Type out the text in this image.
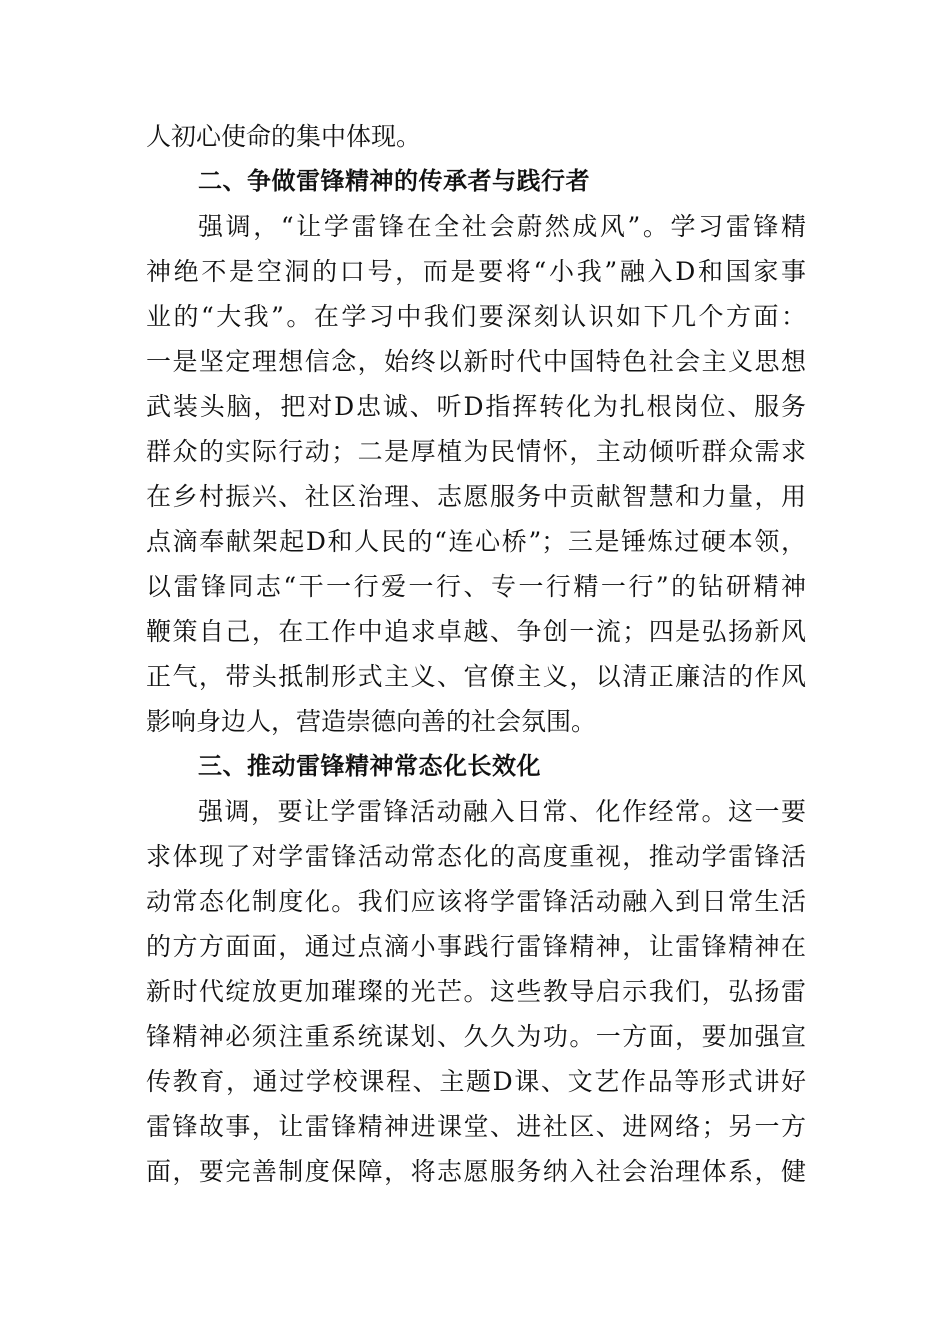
人初心使命的集中体现。
二、争做雷锋精神的传承者与践行者
强调，“让学雷锋在全社会蔚然成风”。学习雷锋精
神绝不是空洞的口号，而是要将“小我”融入D和国家事
业的“大我”。在学习中我们要深刻认识如下几个方面：
一是坚定理想信念，始终以新时代中国特色社会主义思想
武装头脑，把对D忠诚、听D指挥转化为扎根岗位、服务
群众的实际行动；二是厚植为民情怀，主动倾听群众需求
在乡村振兴、社区治理、志愿服务中贡献智慧和力量，用
点滴奉献架起D和人民的“连心桥”；三是锤炼过硬本领，
以雷锋同志“干一行爱一行、专一行精一行”的钻研精神
鞭策自己，在工作中追求卓越、争创一流；四是弘扬新风
正气，带头抵制形式主义、官僚主义，以清正廉洁的作风
影响身边人，营造崇德向善的社会氛围。
三、推动雷锋精神常态化长效化
强调，要让学雷锋活动融入日常、化作经常。这一要
求体现了对学雷锋活动常态化的高度重视，推动学雷锋活
动常态化制度化。我们应该将学雷锋活动融入到日常生活
的方方面面，通过点滴小事践行雷锋精神，让雷锋精神在
新时代绽放更加璀璨的光芒。这些教导启示我们，弘扬雷
锋精神必须注重系统谋划、久久为功。一方面，要加强宣
传教育，通过学校课程、主题D课、文艺作品等形式讲好
雷锋故事，让雷锋精神进课堂、进社区、进网络；另一方
面，要完善制度保障，将志愿服务纳入社会治理体系，健
